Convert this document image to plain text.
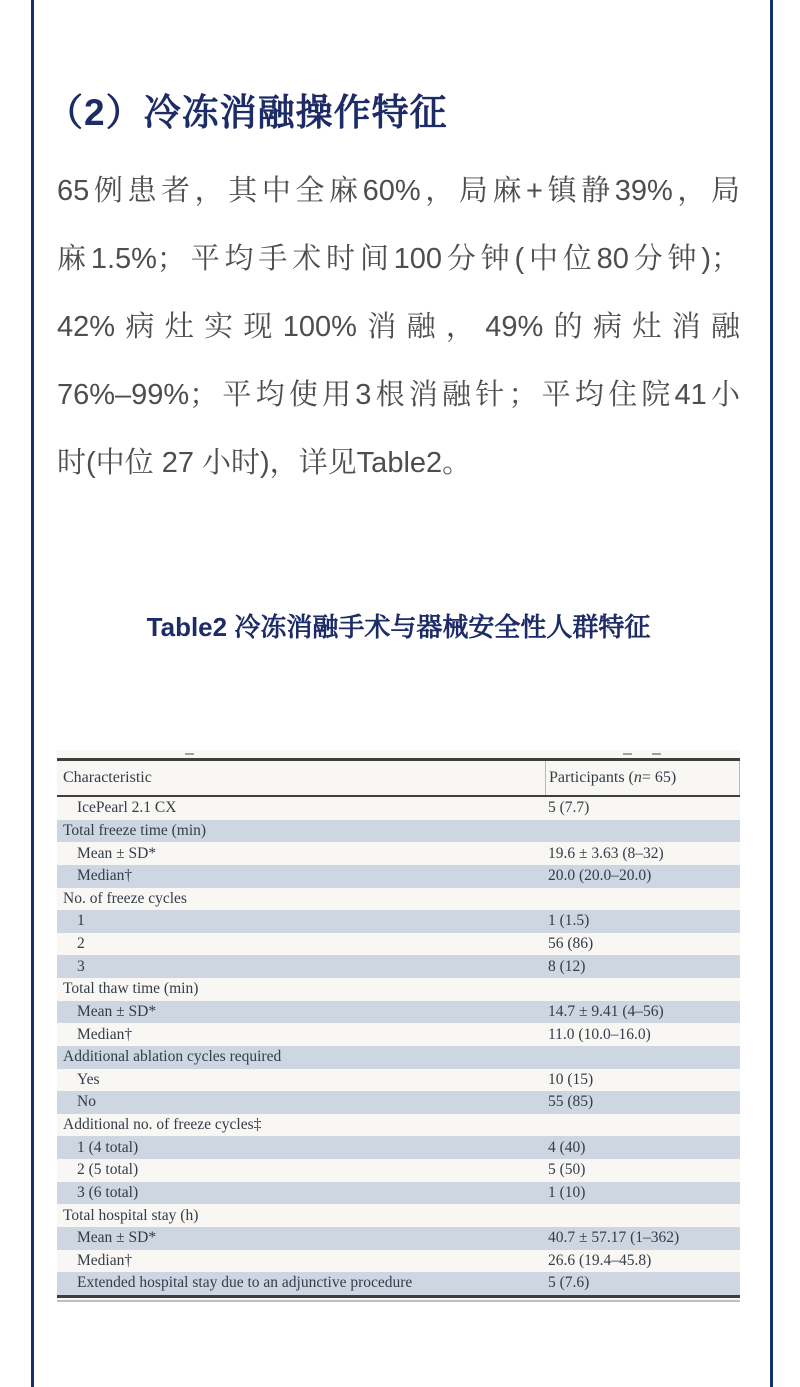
（2）冷冻消融操作特征
65例患者，其中全麻60%，局麻+镇静39%，局
麻1.5%；平均手术时间100分钟(中位80分钟)；
42%病灶实现100%消融，49%的病灶消融
76%–99%；平均使用3根消融针；平均住院41小
时(中位 27 小时)，详见Table2。
Table2 冷冻消融手术与器械安全性人群特征
Characteristic	Participants ( n = 65)
IcePearl 2.1 CX	5 (7.7)
Total freeze time (min)
Mean ± SD*	19.6 ± 3.63 (8–32)
Median†	20.0 (20.0–20.0)
No. of freeze cycles
1	1 (1.5)
2	56 (86)
3	8 (12)
Total thaw time (min)
Mean ± SD*	14.7 ± 9.41 (4–56)
Median†	11.0 (10.0–16.0)
Additional ablation cycles required
Yes	10 (15)
No	55 (85)
Additional no. of freeze cycles‡
1 (4 total)	4 (40)
2 (5 total)	5 (50)
3 (6 total)	1 (10)
Total hospital stay (h)
Mean ± SD*	40.7 ± 57.17 (1–362)
Median†	26.6 (19.4–45.8)
Extended hospital stay due to an adjunctive procedure	5 (7.6)
